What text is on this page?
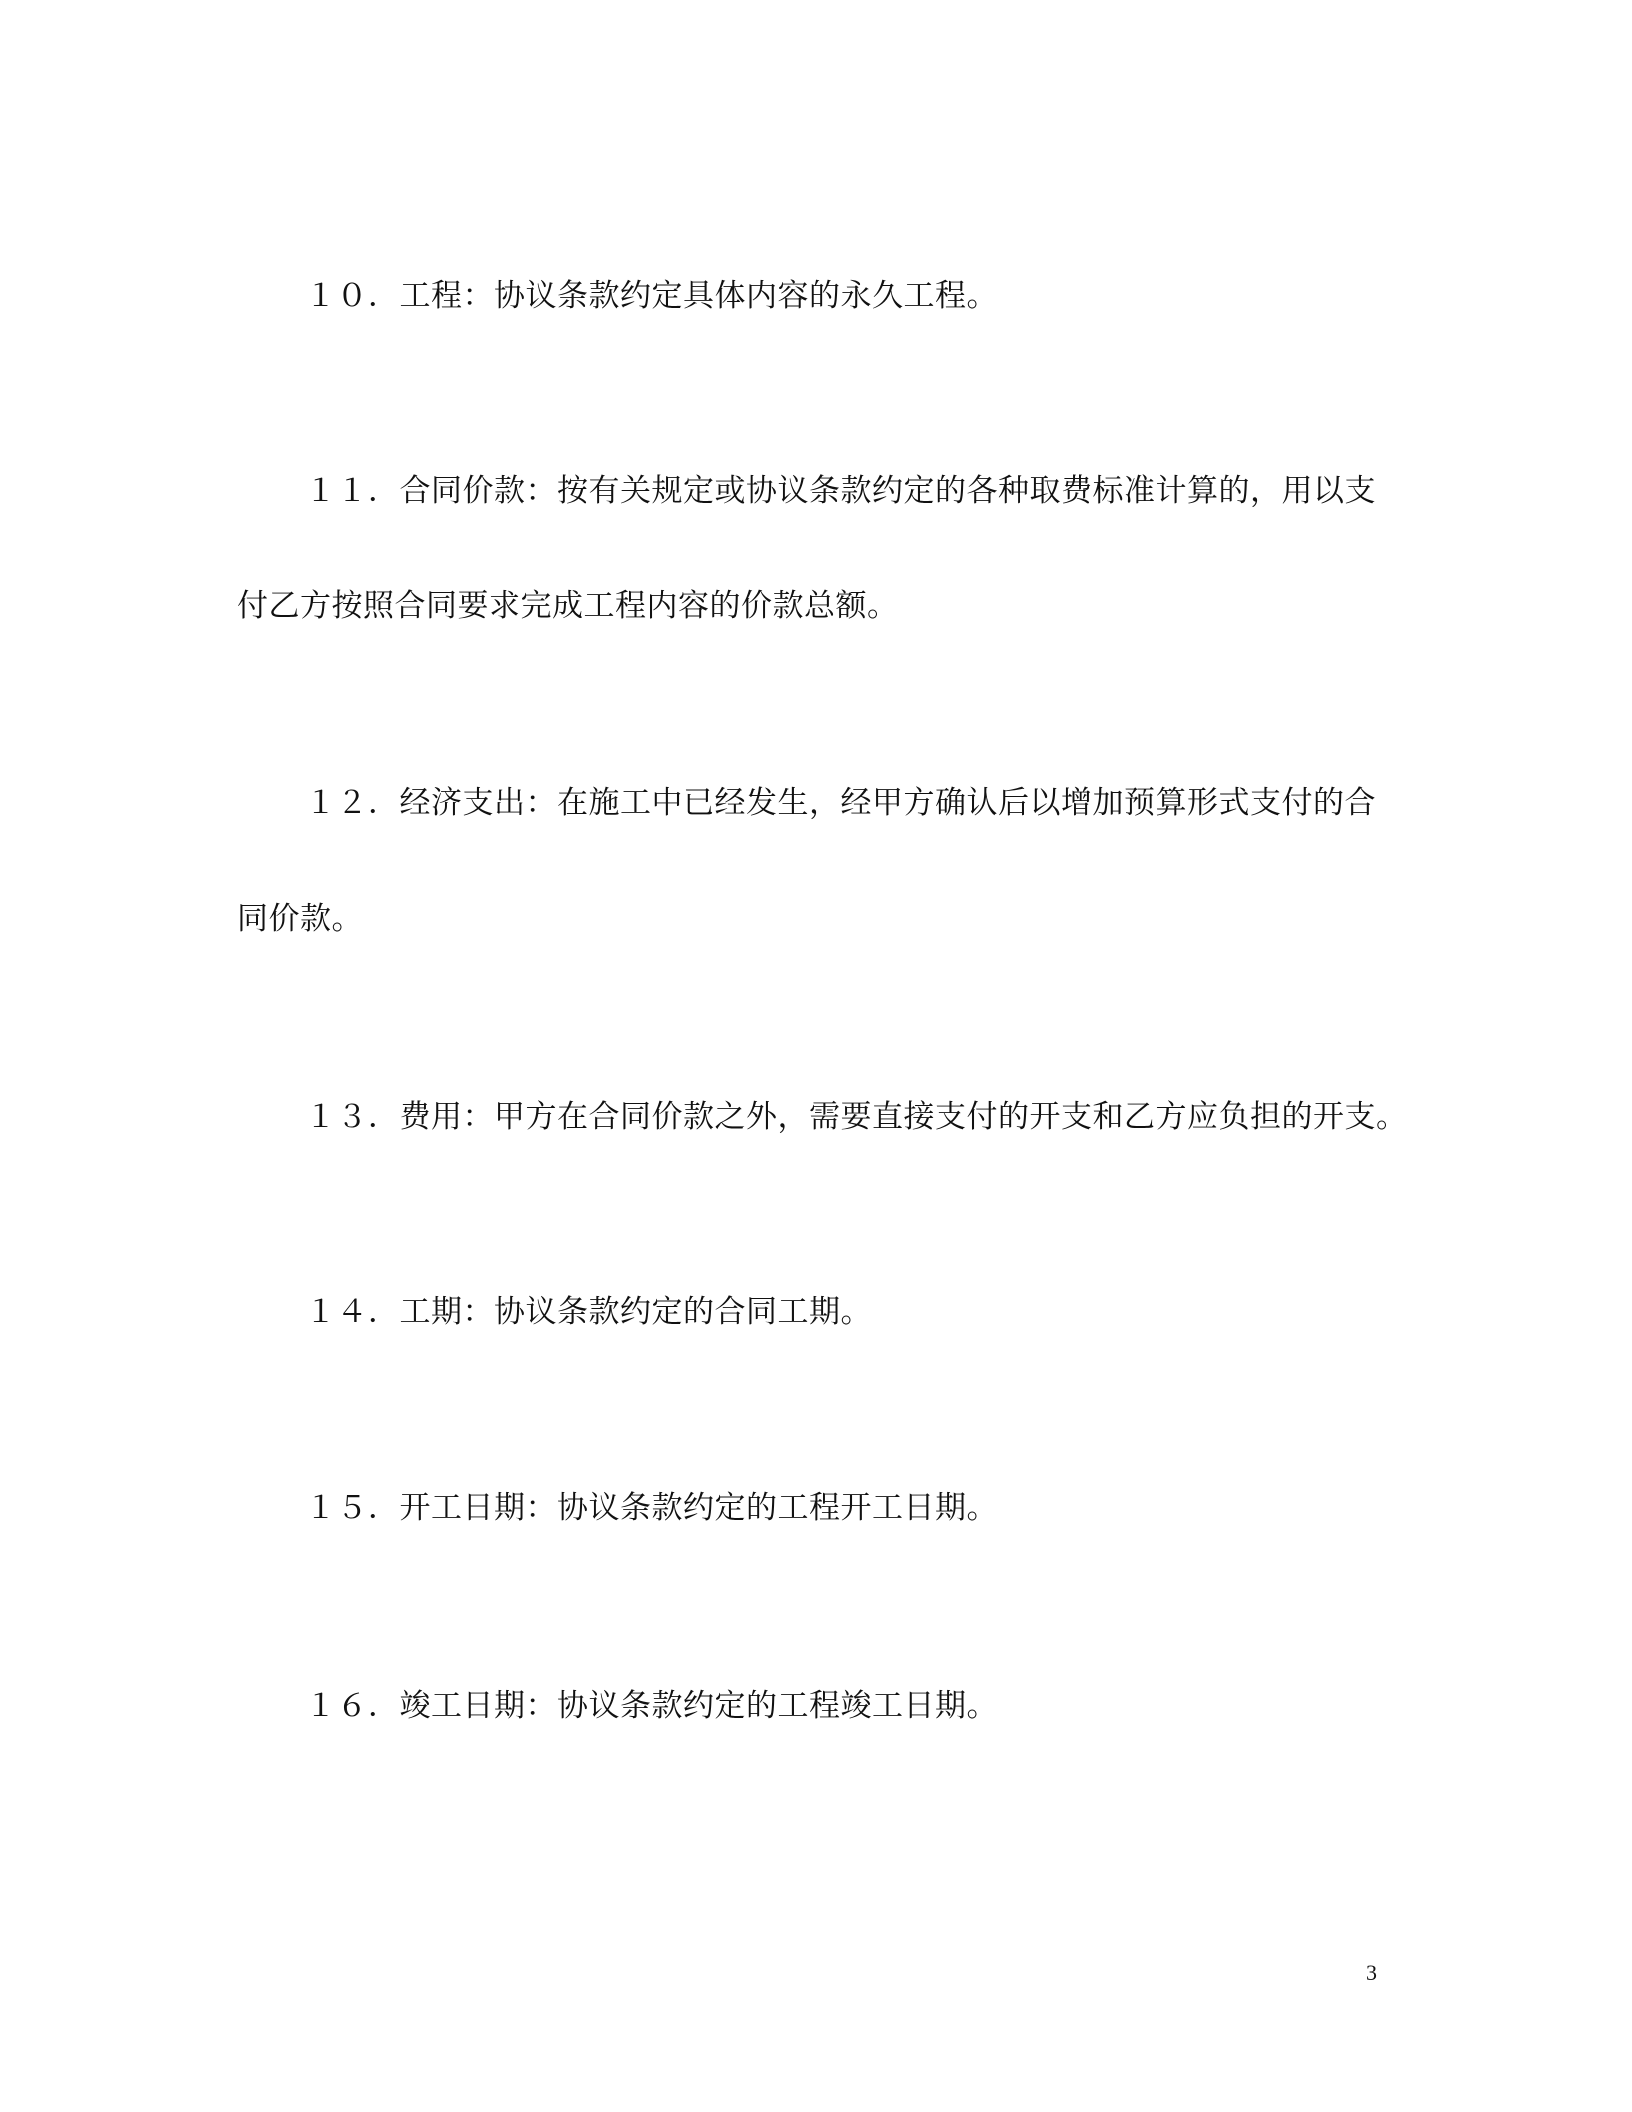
１０．工程：协议条款约定具体内容的永久工程。
１１．合同价款：按有关规定或协议条款约定的各种取费标准计算的，用以支
付乙方按照合同要求完成工程内容的价款总额。
１２．经济支出：在施工中已经发生，经甲方确认后以增加预算形式支付的合
同价款。
１３．费用：甲方在合同价款之外，需要直接支付的开支和乙方应负担的开支。
１４．工期：协议条款约定的合同工期。
１５．开工日期：协议条款约定的工程开工日期。
１６．竣工日期：协议条款约定的工程竣工日期。
3
